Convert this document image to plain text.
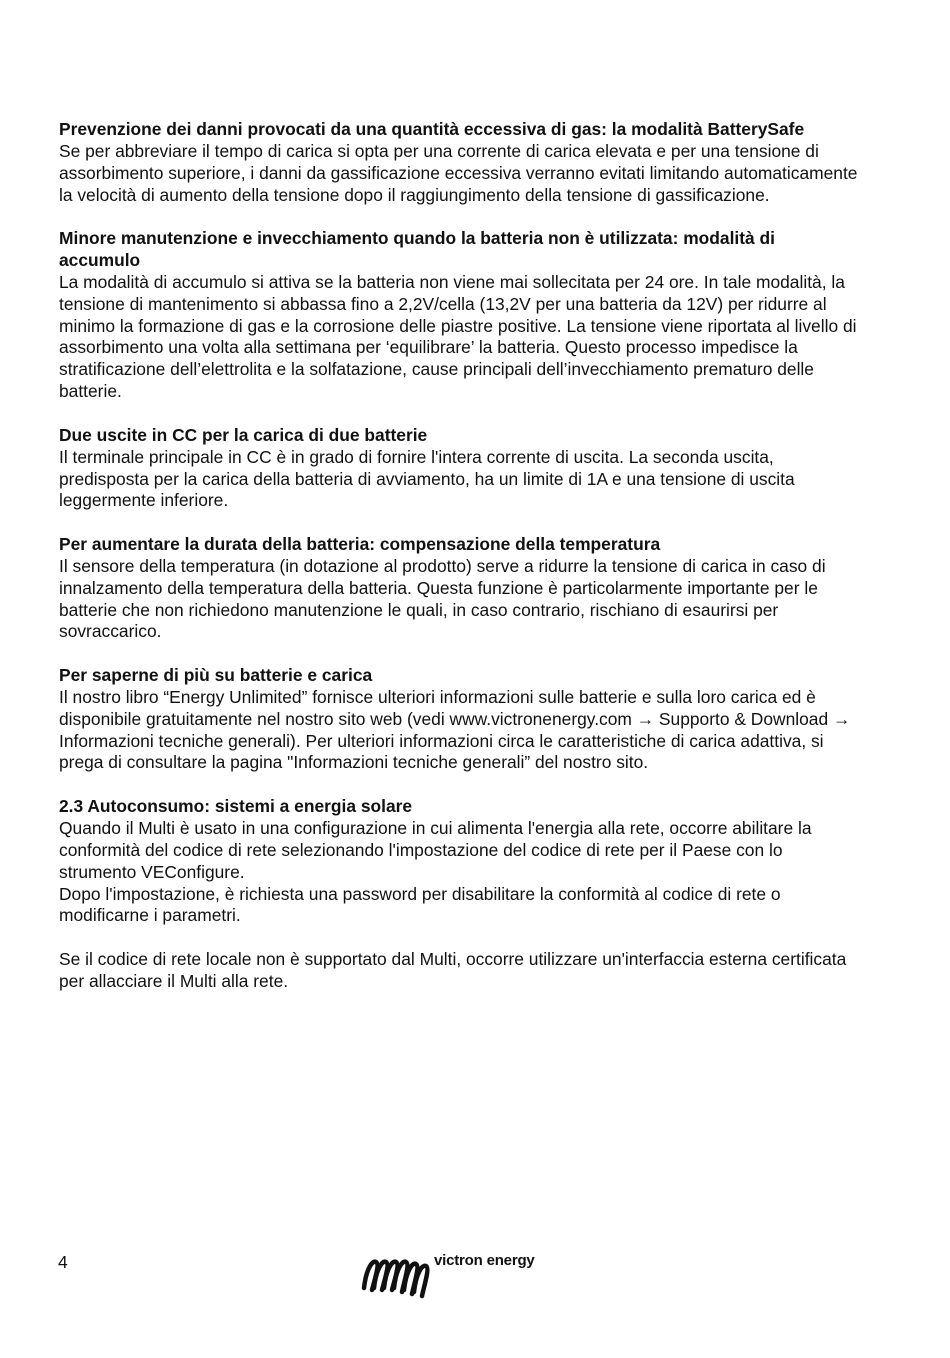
Prevenzione dei danni provocati da una quantità eccessiva di gas: la modalità BatterySafe

Se per abbreviare il tempo di carica si opta per una corrente di carica elevata e per una tensione di assorbimento superiore, i danni da gassificazione eccessiva verranno evitati limitando automaticamente la velocità di aumento della tensione dopo il raggiungimento della tensione di gassificazione.

Minore manutenzione e invecchiamento quando la batteria non è utilizzata: modalità di accumulo

La modalità di accumulo si attiva se la batteria non viene mai sollecitata per 24 ore. In tale modalità, la tensione di mantenimento si abbassa fino a 2,2V/cella (13,2V per una batteria da 12V) per ridurre al minimo la formazione di gas e la corrosione delle piastre positive. La tensione viene riportata al livello di assorbimento una volta alla settimana per ‘equilibrare’ la batteria. Questo processo impedisce la stratificazione dell’elettrolita e la solfatazione, cause principali dell’invecchiamento prematuro delle batterie.

Due uscite in CC per la carica di due batterie

Il terminale principale in CC è in grado di fornire l'intera corrente di uscita. La seconda uscita, predisposta per la carica della batteria di avviamento, ha un limite di 1A e una tensione di uscita leggermente inferiore.

Per aumentare la durata della batteria: compensazione della temperatura

Il sensore della temperatura (in dotazione al prodotto) serve a ridurre la tensione di carica in caso di innalzamento della temperatura della batteria. Questa funzione è particolarmente importante per le batterie che non richiedono manutenzione le quali, in caso contrario, rischiano di esaurirsi per sovraccarico.

Per saperne di più su batterie e carica

Il nostro libro “Energy Unlimited” fornisce ulteriori informazioni sulle batterie e sulla loro carica ed è disponibile gratuitamente nel nostro sito web (vedi www.victronenergy.com → Supporto & Download → Informazioni tecniche generali). Per ulteriori informazioni circa le caratteristiche di carica adattiva, si prega di consultare la pagina "Informazioni tecniche generali” del nostro sito.

2.3 Autoconsumo: sistemi a energia solare

Quando il Multi è usato in una configurazione in cui alimenta l'energia alla rete, occorre abilitare la conformità del codice di rete selezionando l'impostazione del codice di rete per il Paese con lo strumento VEConfigure.

Dopo l'impostazione, è richiesta una password per disabilitare la conformità al codice di rete o modificarne i parametri.

Se il codice di rete locale non è supportato dal Multi, occorre utilizzare un'interfaccia esterna certificata per allacciare il Multi alla rete.

4	victron energy
